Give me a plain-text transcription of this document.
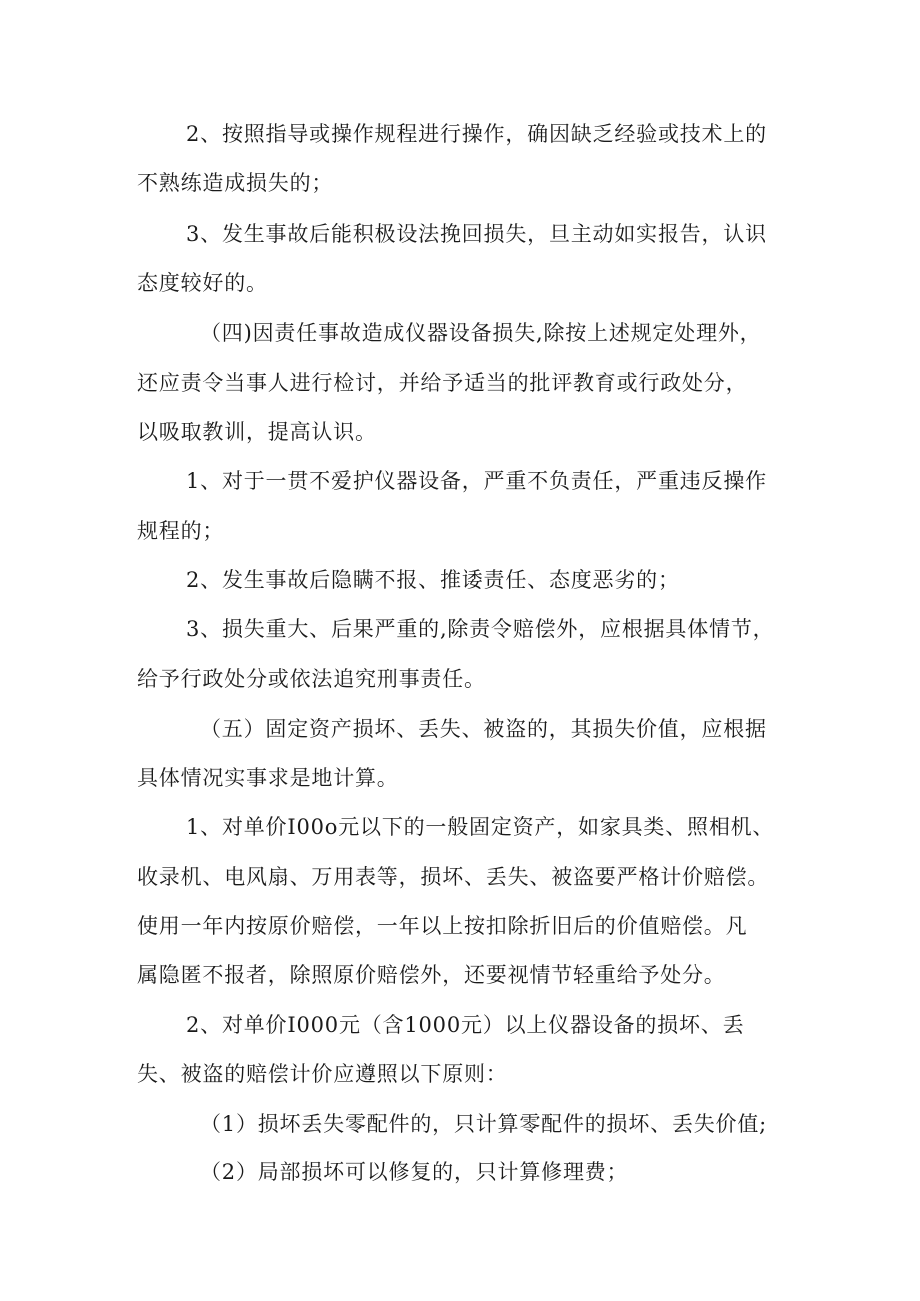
2、按照指导或操作规程进行操作，确因缺乏经验或技术上的
不熟练造成损失的；
3、发生事故后能积极设法挽回损失，旦主动如实报告，认识
态度较好的。
（四)因责任事故造成仪器设备损失,除按上述规定处理外，
还应责令当事人进行检讨，并给予适当的批评教育或行政处分，
以吸取教训，提高认识。
1、对于一贯不爱护仪器设备，严重不负责任，严重违反操作
规程的；
2、发生事故后隐瞒不报、推诿责任、态度恶劣的；
3、损失重大、后果严重的,除责令赔偿外，应根据具体情节，
给予行政处分或依法追究刑事责任。
（五）固定资产损坏、丢失、被盗的，其损失价值，应根据
具体情况实事求是地计算。
1、对单价I00o元以下的一般固定资产，如家具类、照相机、
收录机、电风扇、万用表等，损坏、丢失、被盗要严格计价赔偿。
使用一年内按原价赔偿，一年以上按扣除折旧后的价值赔偿。凡
属隐匿不报者，除照原价赔偿外，还要视情节轻重给予处分。
2、对单价I000元（含1000元）以上仪器设备的损坏、丢
失、被盗的赔偿计价应遵照以下原则：
（1）损坏丢失零配件的，只计算零配件的损坏、丢失价值;
（2）局部损坏可以修复的，只计算修理费；
